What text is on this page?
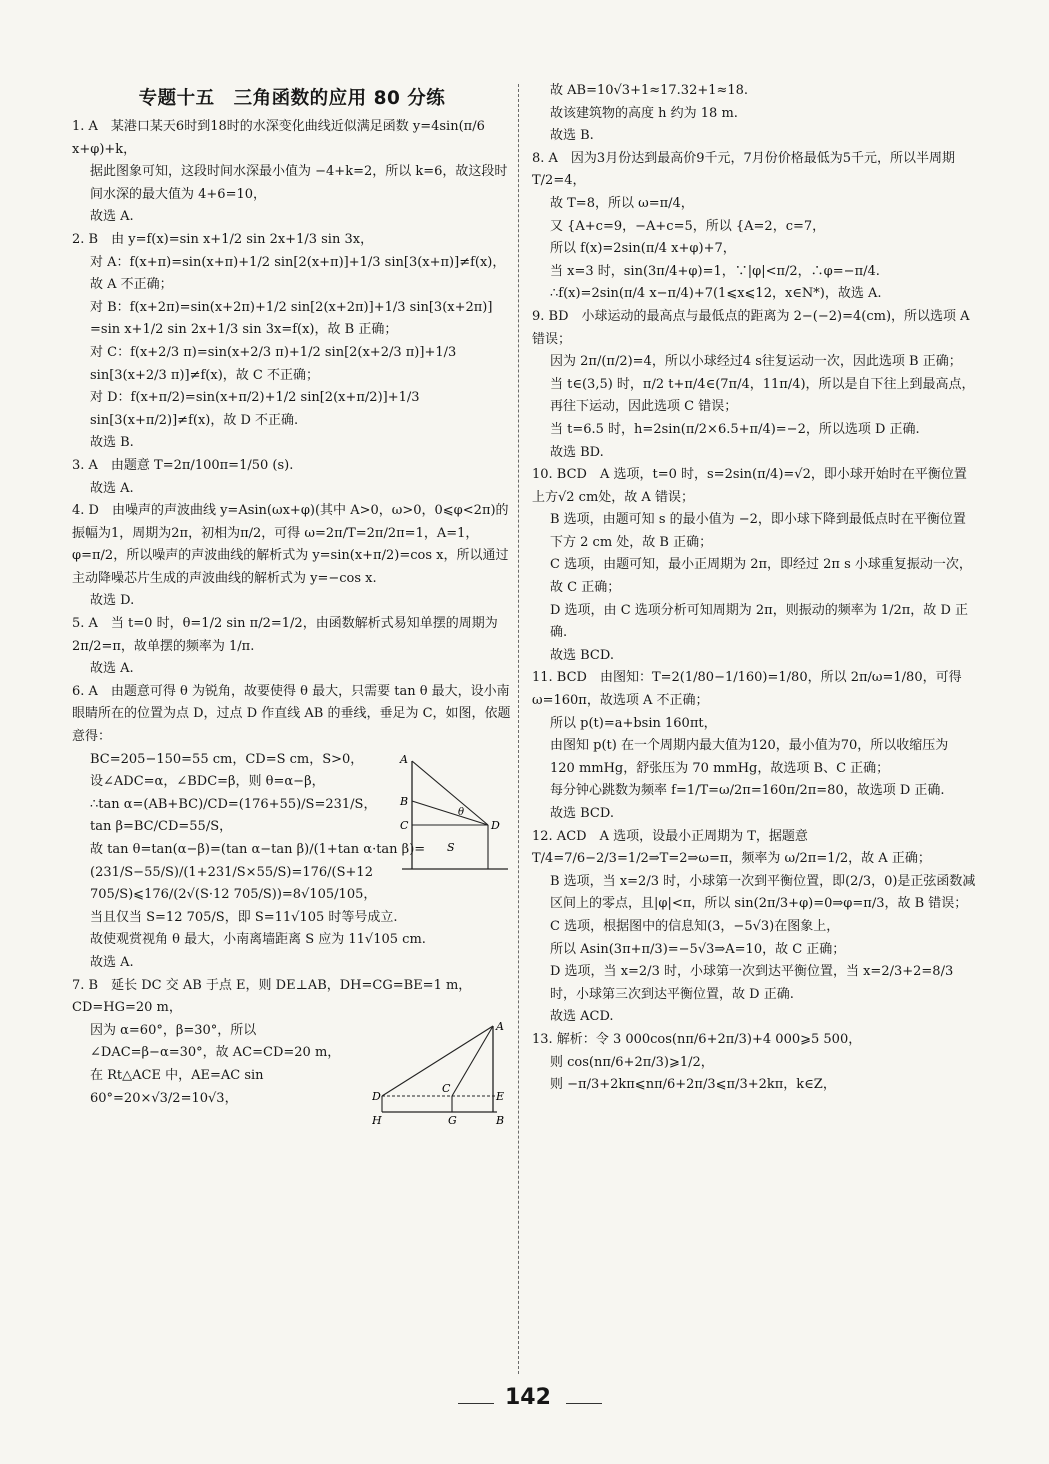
专题十五　三角函数的应用 80 分练

1. A　某港口某天6时到18时的水深变化曲线近似满足函数 y=4sin(π/6 x+φ)+k，

据此图象可知，这段时间水深最小值为 −4+k=2，所以 k=6，故这段时间水深的最大值为 4+6=10，

故选 A.

2. B　由 y=f(x)=sin x+1/2 sin 2x+1/3 sin 3x，

对 A：f(x+π)=sin(x+π)+1/2 sin[2(x+π)]+1/3 sin[3(x+π)]≠f(x)，故 A 不正确；

对 B：f(x+2π)=sin(x+2π)+1/2 sin[2(x+2π)]+1/3 sin[3(x+2π)]

=sin x+1/2 sin 2x+1/3 sin 3x=f(x)，故 B 正确；

对 C：f(x+2/3 π)=sin(x+2/3 π)+1/2 sin[2(x+2/3 π)]+1/3 sin[3(x+2/3 π)]≠f(x)，故 C 不正确；

对 D：f(x+π/2)=sin(x+π/2)+1/2 sin[2(x+π/2)]+1/3 sin[3(x+π/2)]≠f(x)，故 D 不正确.

故选 B.

3. A　由题意 T=2π/100π=1/50 (s).

故选 A.

4. D　由噪声的声波曲线 y=Asin(ωx+φ)(其中 A>0，ω>0，0⩽φ<2π)的振幅为1，周期为2π，初相为π/2，可得 ω=2π/T=2π/2π=1，A=1，φ=π/2，所以噪声的声波曲线的解析式为 y=sin(x+π/2)=cos x，所以通过主动降噪芯片生成的声波曲线的解析式为 y=−cos x.

故选 D.

5. A　当 t=0 时，θ=1/2 sin π/2=1/2，由函数解析式易知单摆的周期为 2π/2=π，故单摆的频率为 1/π.

故选 A.

6. A　由题意可得 θ 为锐角，故要使得 θ 最大，只需要 tan θ 最大，设小南眼睛所在的位置为点 D，过点 D 作直线 AB 的垂线，垂足为 C，如图，依题意得：

A
B
C	D
S
θ

BC=205−150=55 cm，CD=S cm，S>0，

设∠ADC=α，∠BDC=β，则 θ=α−β，

∴tan α=(AB+BC)/CD=(176+55)/S=231/S，tan β=BC/CD=55/S，

故 tan θ=tan(α−β)=(tan α−tan β)/(1+tan α·tan β)=(231/S−55/S)/(1+231/S×55/S)=176/(S+12 705/S)⩽176/(2√(S·12 705/S))=8√105/105，

当且仅当 S=12 705/S，即 S=11√105 时等号成立.

故使观赏视角 θ 最大，小南离墙距离 S 应为 11√105 cm.

故选 A.

7. B　延长 DC 交 AB 于点 E，则 DE⊥AB，DH=CG=BE=1 m，CD=HG=20 m，

A
D
C
E
H	G	B

因为 α=60°，β=30°，所以∠DAC=β−α=30°，故 AC=CD=20 m，

在 Rt△ACE 中，AE=AC sin 60°=20×√3/2=10√3，

故 AB=10√3+1≈17.32+1≈18.

故该建筑物的高度 h 约为 18 m.

故选 B.

8. A　因为3月份达到最高价9千元，7月份价格最低为5千元，所以半周期 T/2=4，

故 T=8，所以 ω=π/4，

又 {A+c=9，−A+c=5，所以 {A=2，c=7，

所以 f(x)=2sin(π/4 x+φ)+7，

当 x=3 时，sin(3π/4+φ)=1，∵|φ|<π/2，∴φ=−π/4.

∴f(x)=2sin(π/4 x−π/4)+7(1⩽x⩽12，x∈N*)，故选 A.

9. BD　小球运动的最高点与最低点的距离为 2−(−2)=4(cm)，所以选项 A 错误；

因为 2π/(π/2)=4，所以小球经过4 s往复运动一次，因此选项 B 正确；

当 t∈(3,5) 时，π/2 t+π/4∈(7π/4，11π/4)，所以是自下往上到最高点，再往下运动，因此选项 C 错误；

当 t=6.5 时，h=2sin(π/2×6.5+π/4)=−2，所以选项 D 正确.

故选 BD.

10. BCD　A 选项，t=0 时，s=2sin(π/4)=√2，即小球开始时在平衡位置上方√2 cm处，故 A 错误；

B 选项，由题可知 s 的最小值为 −2，即小球下降到最低点时在平衡位置下方 2 cm 处，故 B 正确；

C 选项，由题可知，最小正周期为 2π，即经过 2π s 小球重复振动一次，故 C 正确；

D 选项，由 C 选项分析可知周期为 2π，则振动的频率为 1/2π，故 D 正确.

故选 BCD.

11. BCD　由图知：T=2(1/80−1/160)=1/80，所以 2π/ω=1/80，可得 ω=160π，故选项 A 不正确；

所以 p(t)=a+bsin 160πt，

由图知 p(t) 在一个周期内最大值为120，最小值为70，所以收缩压为 120 mmHg，舒张压为 70 mmHg，故选项 B、C 正确；

每分钟心跳数为频率 f=1/T=ω/2π=160π/2π=80，故选项 D 正确.

故选 BCD.

12. ACD　A 选项，设最小正周期为 T，据题意 T/4=7/6−2/3=1/2⇒T=2⇒ω=π，频率为 ω/2π=1/2，故 A 正确；

B 选项，当 x=2/3 时，小球第一次到平衡位置，即(2/3，0)是正弦函数减区间上的零点，且|φ|<π，所以 sin(2π/3+φ)=0⇒φ=π/3，故 B 错误；

C 选项，根据图中的信息知(3，−5√3)在图象上，

所以 Asin(3π+π/3)=−5√3⇒A=10，故 C 正确；

D 选项，当 x=2/3 时，小球第一次到达平衡位置，当 x=2/3+2=8/3 时，小球第三次到达平衡位置，故 D 正确.

故选 ACD.

13. 解析：令 3 000cos(nπ/6+2π/3)+4 000⩾5 500，

则 cos(nπ/6+2π/3)⩾1/2，

则 −π/3+2kπ⩽nπ/6+2π/3⩽π/3+2kπ，k∈Z，

142
